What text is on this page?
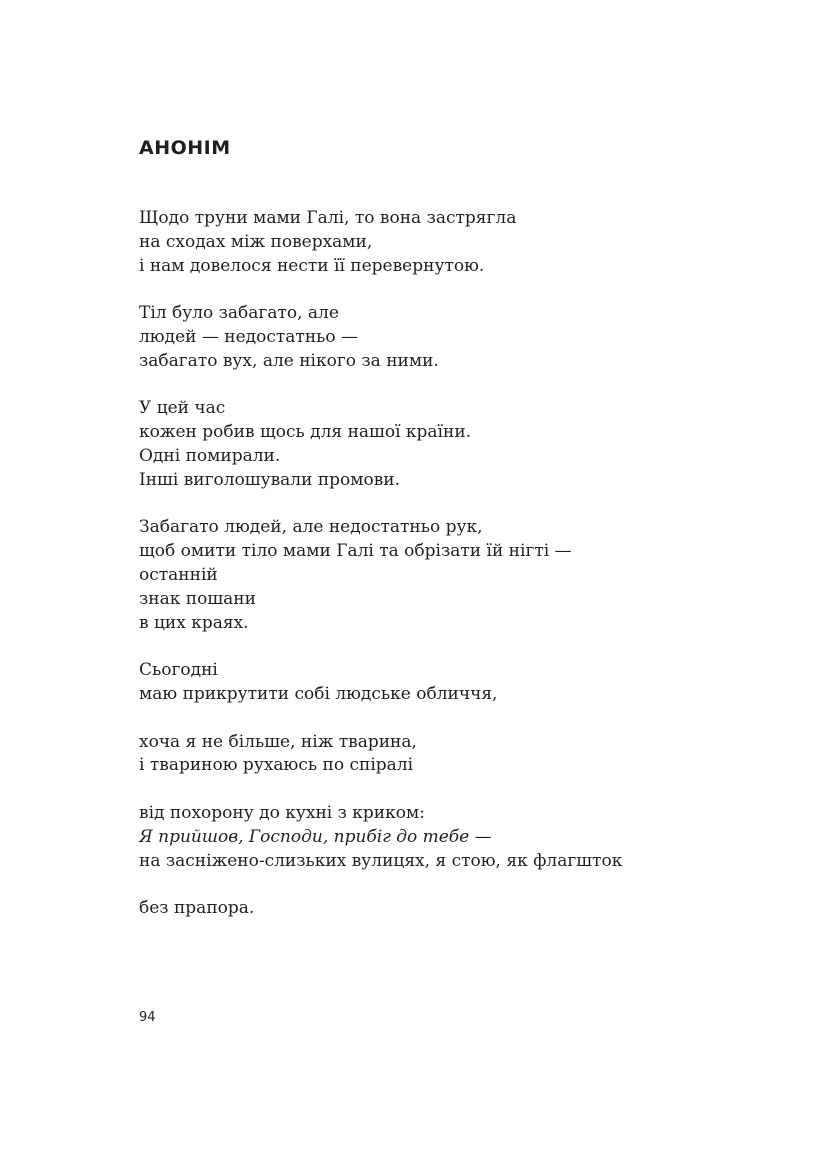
АНОНІМ

Щодо труни мами Галі, то вона застрягла
на сходах між поверхами,
і нам довелося нести її перевернутою.

Тіл було забагато, але
людей — недостатньо —
забагато вух, але нікого за ними.

У цей час
кожен робив щось для нашої країни.
Одні помирали.
Інші виголошували промови.

Забагато людей, але недостатньо рук,
щоб омити тіло мами Галі та обрізати їй нігті —
останній
знак пошани
в цих краях.

Сьогодні
маю прикрутити собі людське обличчя,

хоча я не більше, ніж тварина,
і твариною рухаюсь по спіралі

від похорону до кухні з криком:
Я прийшов, Господи, прибіг до тебе —
на засніжено-слизьких вулицях, я стою, як флагшток

без прапора.

94
